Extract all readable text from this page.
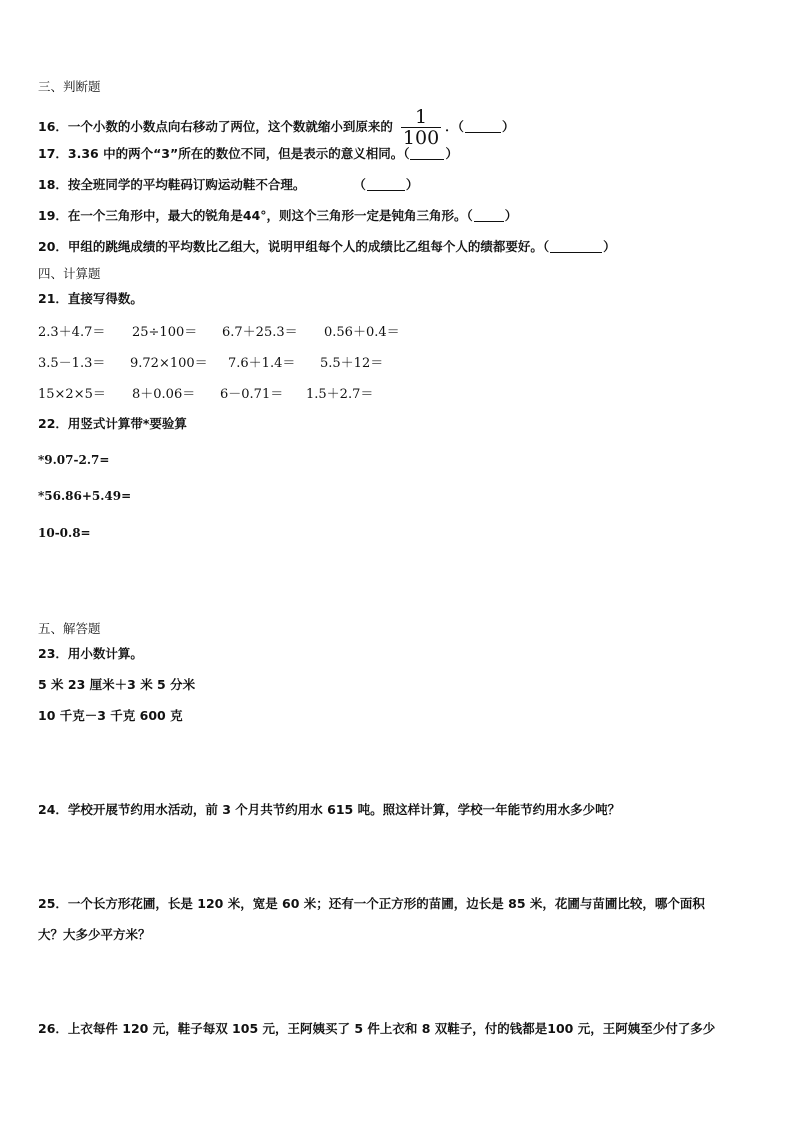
三、判断题
16．一个小数的小数点向右移动了两位，这个数就缩小到原来的 $\frac{1}{100}$ ．（	）
17．3.36 中的两个“3”所在的数位不同，但是表示的意义相同。（	）
18．按全班同学的平均鞋码订购运动鞋不合理。	（	）
19．在一个三角形中，最大的锐角是44°，则这个三角形一定是钝角三角形。（	）
20．甲组的跳绳成绩的平均数比乙组大，说明甲组每个人的成绩比乙组每个人的绩都要好。（	）
四、计算题
21．直接写得数。
2.3＋4.7＝ 25÷100＝ 6.7＋25.3＝ 0.56＋0.4＝
3.5－1.3＝ 9.72×100＝ 7.6＋1.4＝ 5.5＋12＝
15×2×5＝ 8＋0.06＝ 6－0.71＝ 1.5＋2.7＝
22．用竖式计算带*要验算
*9.07-2.7=
*56.86+5.49=
10-0.8=
五、解答题
23．用小数计算。
5 米 23 厘米＋3 米 5 分米
10 千克－3 千克 600 克
24．学校开展节约用水活动，前 3 个月共节约用水 615 吨。照这样计算，学校一年能节约用水多少吨？
25．一个长方形花圃，长是 120 米，宽是 60 米；还有一个正方形的苗圃，边长是 85 米，花圃与苗圃比较，哪个面积
大？大多少平方米？
26．上衣每件 120 元，鞋子每双 105 元，王阿姨买了 5 件上衣和 8 双鞋子，付的钱都是100 元，王阿姨至少付了多少
